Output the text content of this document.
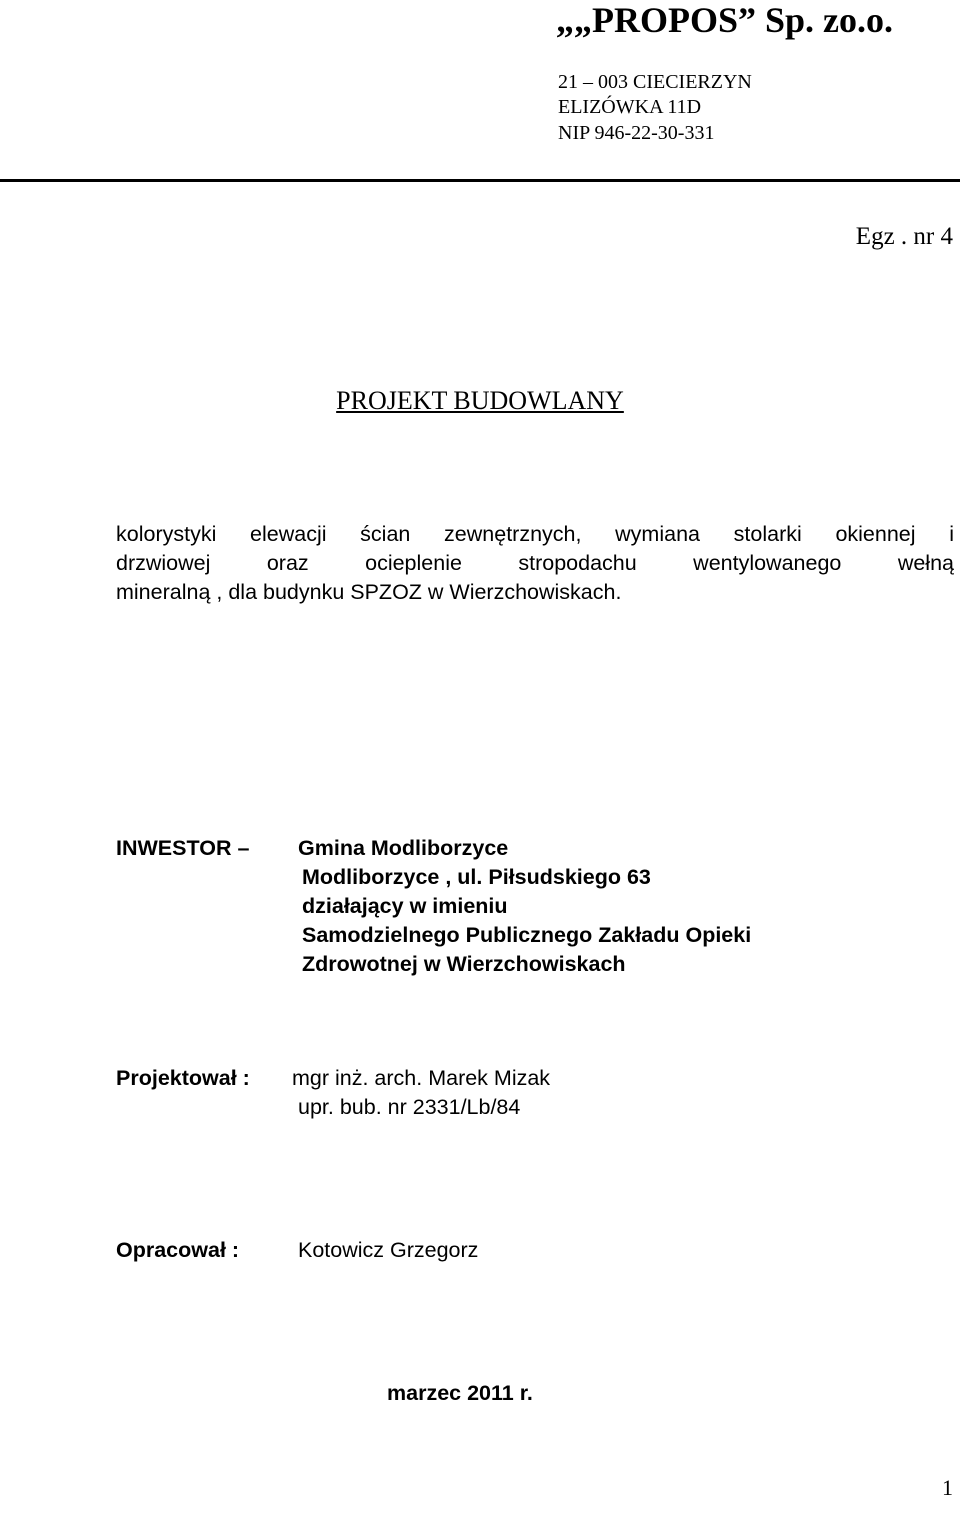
„„PROPOS” Sp. zo.o.
21 – 003 CIECIERZYN
ELIZÓWKA 11D
NIP 946-22-30-331
Egz . nr 4
PROJEKT BUDOWLANY

kolorystyki elewacji ścian zewnętrznych, wymiana stolarki okiennej i

drzwiowej oraz ocieplenie stropodachu wentylowanego wełną

mineralną , dla budynku SPZOZ w Wierzchowiskach.

INWESTOR – Gmina Modliborzyce
Modliborzyce , ul. Piłsudskiego 63
działający w imieniu
Samodzielnego Publicznego Zakładu Opieki
Zdrowotnej w Wierzchowiskach
Projektował : mgr inż. arch. Marek Mizak
upr. bub. nr 2331/Lb/84
Opracował :	Kotowicz Grzegorz
marzec 2011 r.
1
